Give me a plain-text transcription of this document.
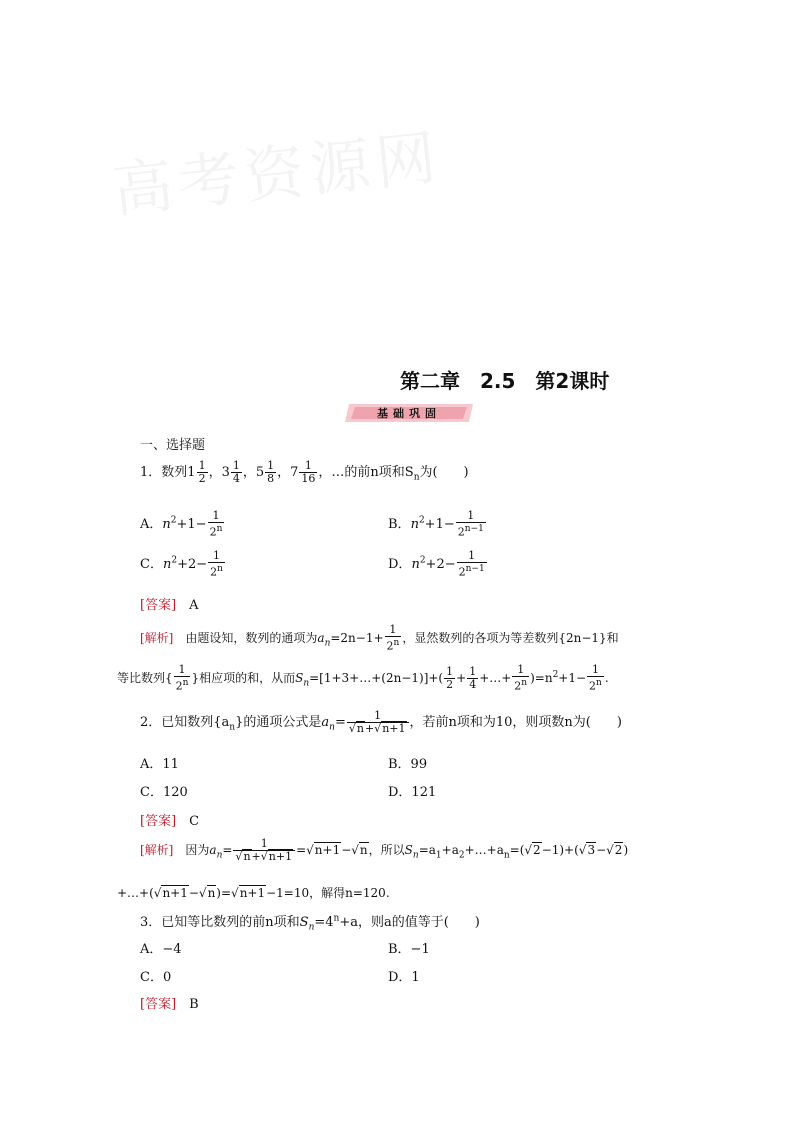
高考资源网
第二章　2.5　第2课时
基础巩固
一、选择题
1．数列$1 \frac{1}{2}$ ，$3 \frac{1}{4}$ ，$5 \frac{1}{8}$ ，$7 \frac{1}{16}$ ，…的前n项和$S_n$为(　　)
A．$n^2+1- \frac{1}{2^n}$	B．$n^2+1- \frac{1}{2^{n-1}}$
C．$n^2+2- \frac{1}{2^n}$	D．$n^2+2- \frac{1}{2^{n-1}}$
[答案]　 A
[解析]　 由题设知，数列的通项为$a_n=2n-1+ \frac{1}{2^n}$ ，显然数列的各项为等差数列{2n−1}和
等比数列{ $\frac{1}{2^n}$ }相应项的和，从而$S_n=[1+3+\dots+(2n-1)]+( \frac{1}{2} + \frac{1}{4}$ +…+ $\frac{1}{2^n} )=n^2+1- \frac{1}{2^n}$ .
2．已知数列$\{a_n\}$的通项公式是$a_n= \frac{1}{√n+√n+1}$ ，若前n项和为10，则项数n为(　　)
A．11	B．99
C．120	D．121
[答案]　 C
[解析]　 因为$a_n= \frac{1}{√n+√n+1} =√n+1-√n$，所以$S_n=a_1+a_2+\dots+a_n=(√2-1)+(√3-√2)$
+…+(√n+1−√n)=√n+1−1=10，解得n=120.
3．已知等比数列的前n项和$S_n=4^n+a$，则a的值等于(　　)
A．−4	B．−1
C．0	D．1
[答案]　 B
